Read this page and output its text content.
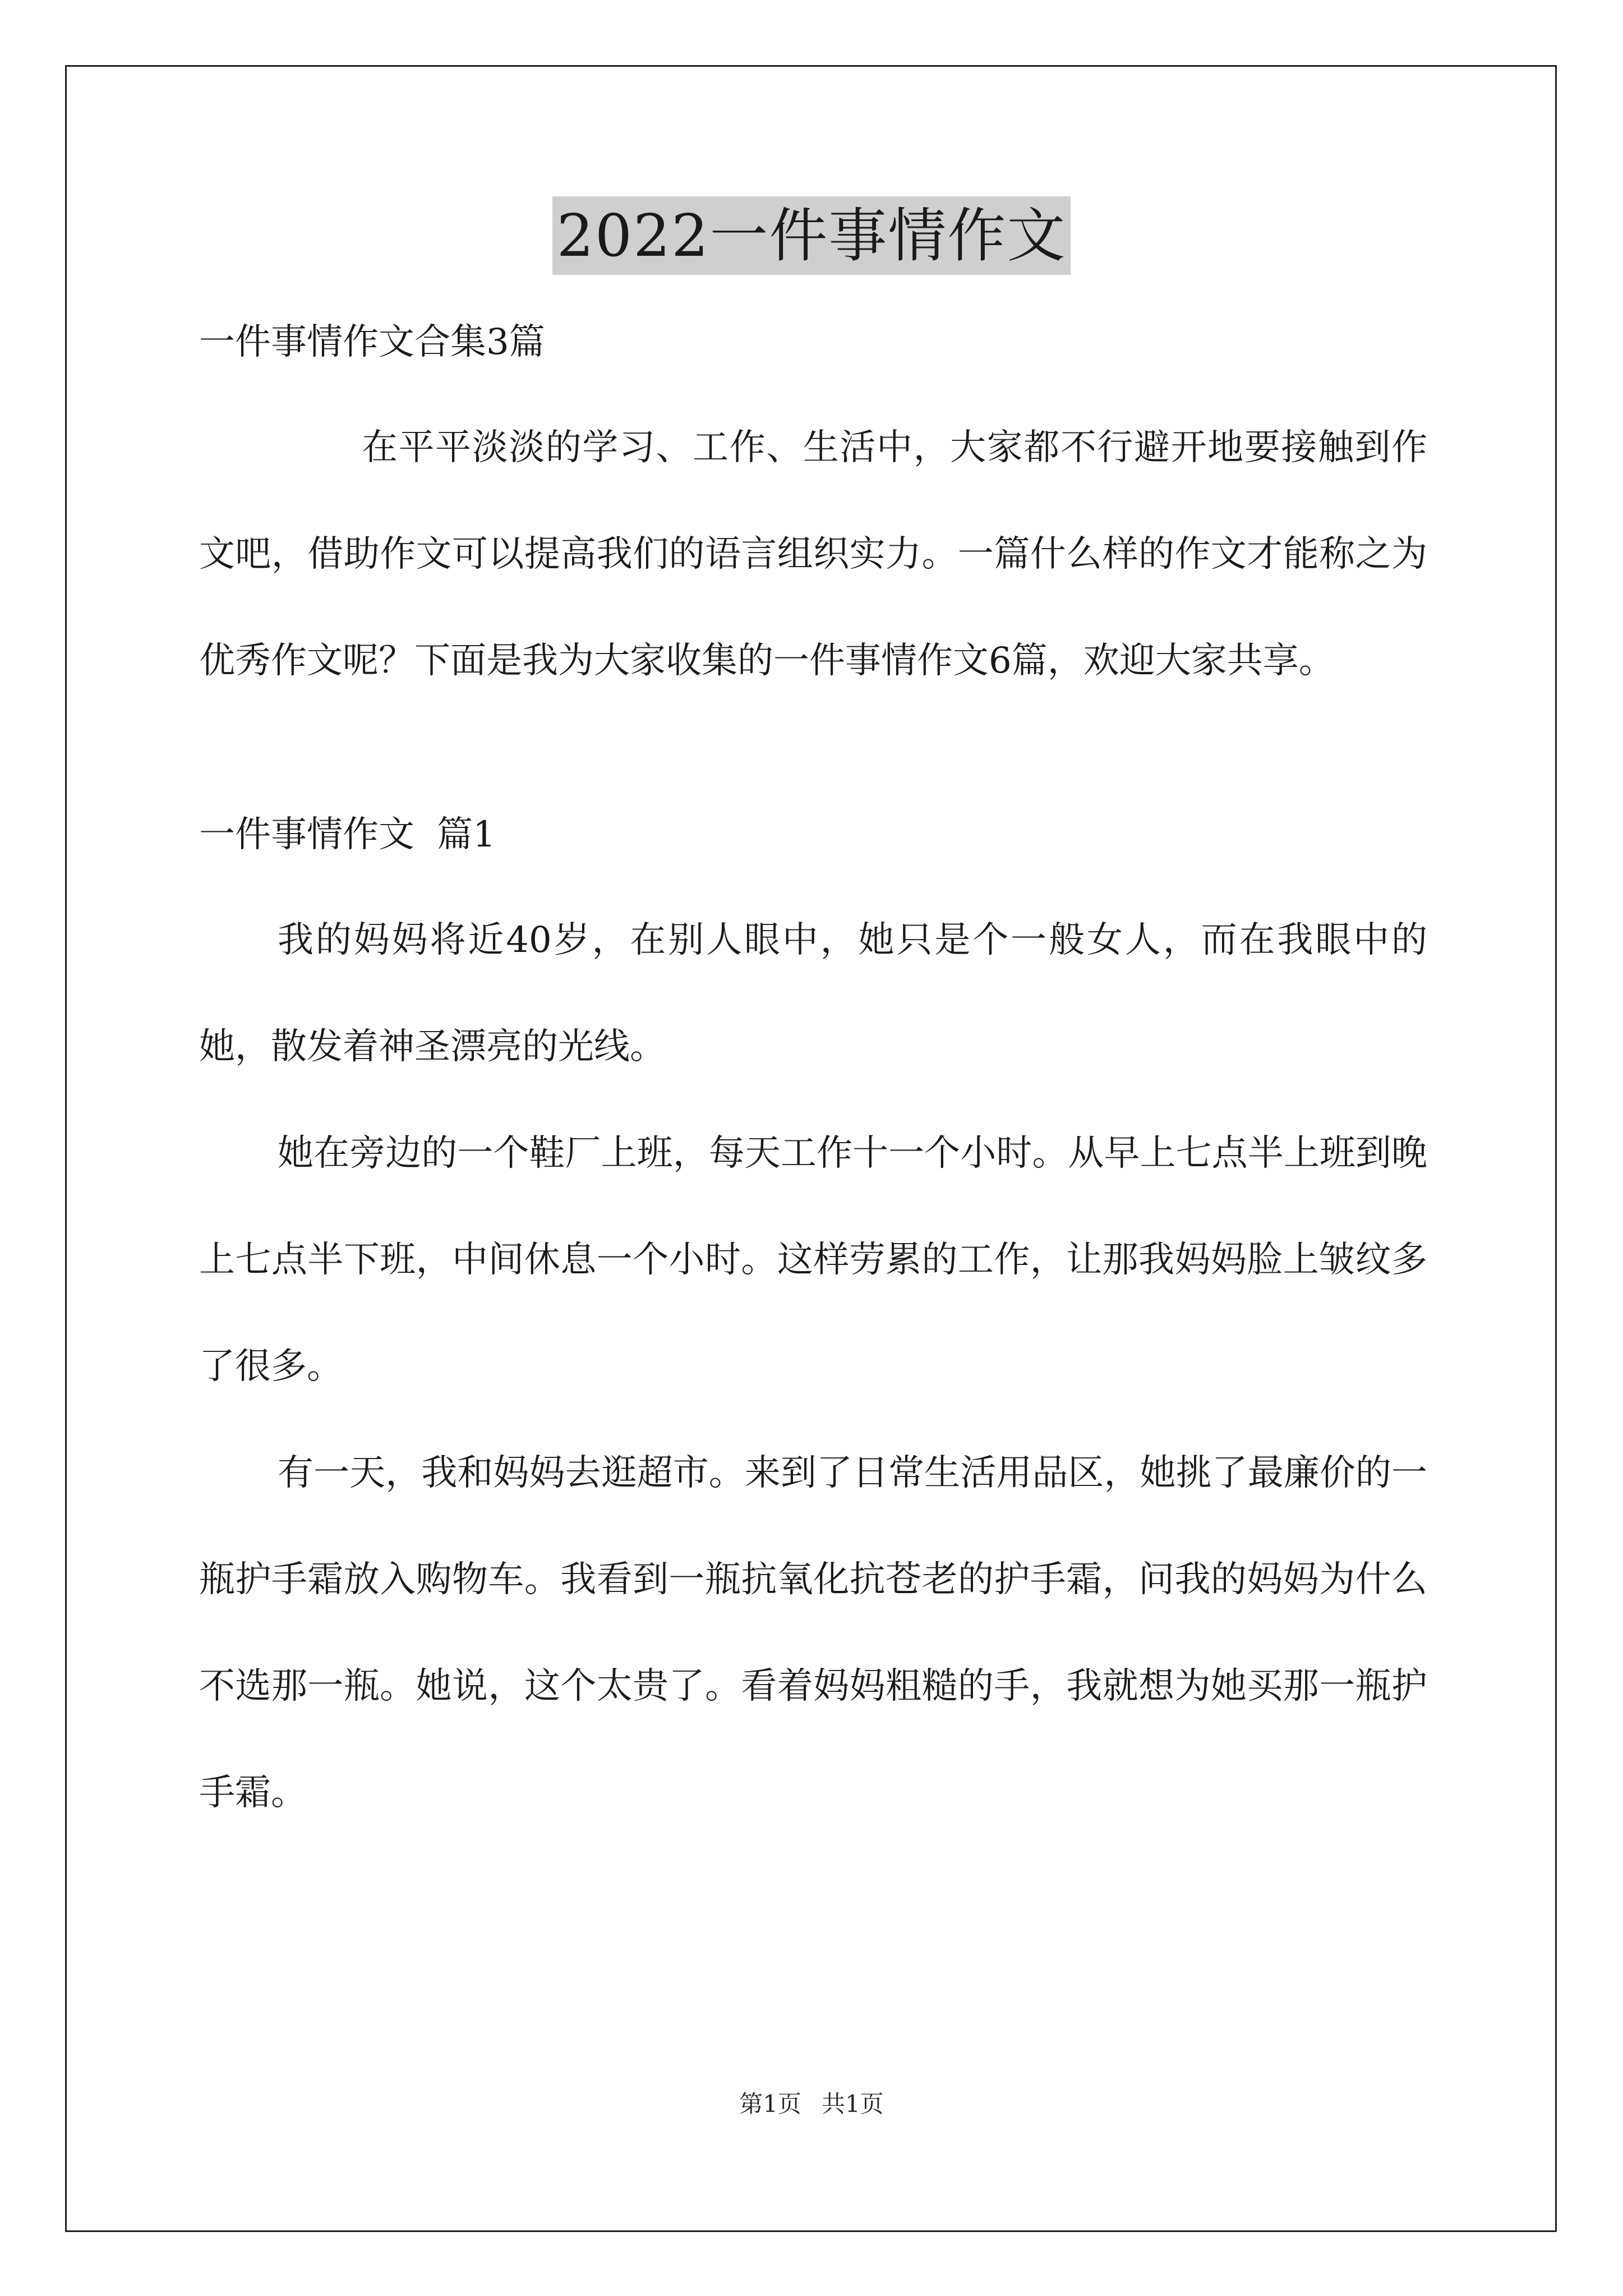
2022一件事情作文

一件事情作文合集3篇

在平平淡淡的学习、工作、生活中，大家都不行避开地要接触到作文吧，借助作文可以提高我们的语言组织实力。一篇什么样的作文才能称之为优秀作文呢？下面是我为大家收集的一件事情作文6篇，欢迎大家共享。

一件事情作文 篇1

我的妈妈将近40岁，在别人眼中，她只是个一般女人，而在我眼中的她，散发着神圣漂亮的光线。

她在旁边的一个鞋厂上班，每天工作十一个小时。从早上七点半上班到晚上七点半下班，中间休息一个小时。这样劳累的工作，让那我妈妈脸上皱纹多了很多。

有一天，我和妈妈去逛超市。来到了日常生活用品区，她挑了最廉价的一瓶护手霜放入购物车。我看到一瓶抗氧化抗苍老的护手霜，问我的妈妈为什么不选那一瓶。她说，这个太贵了。看着妈妈粗糙的手，我就想为她买那一瓶护手霜。

第1页 共1页
